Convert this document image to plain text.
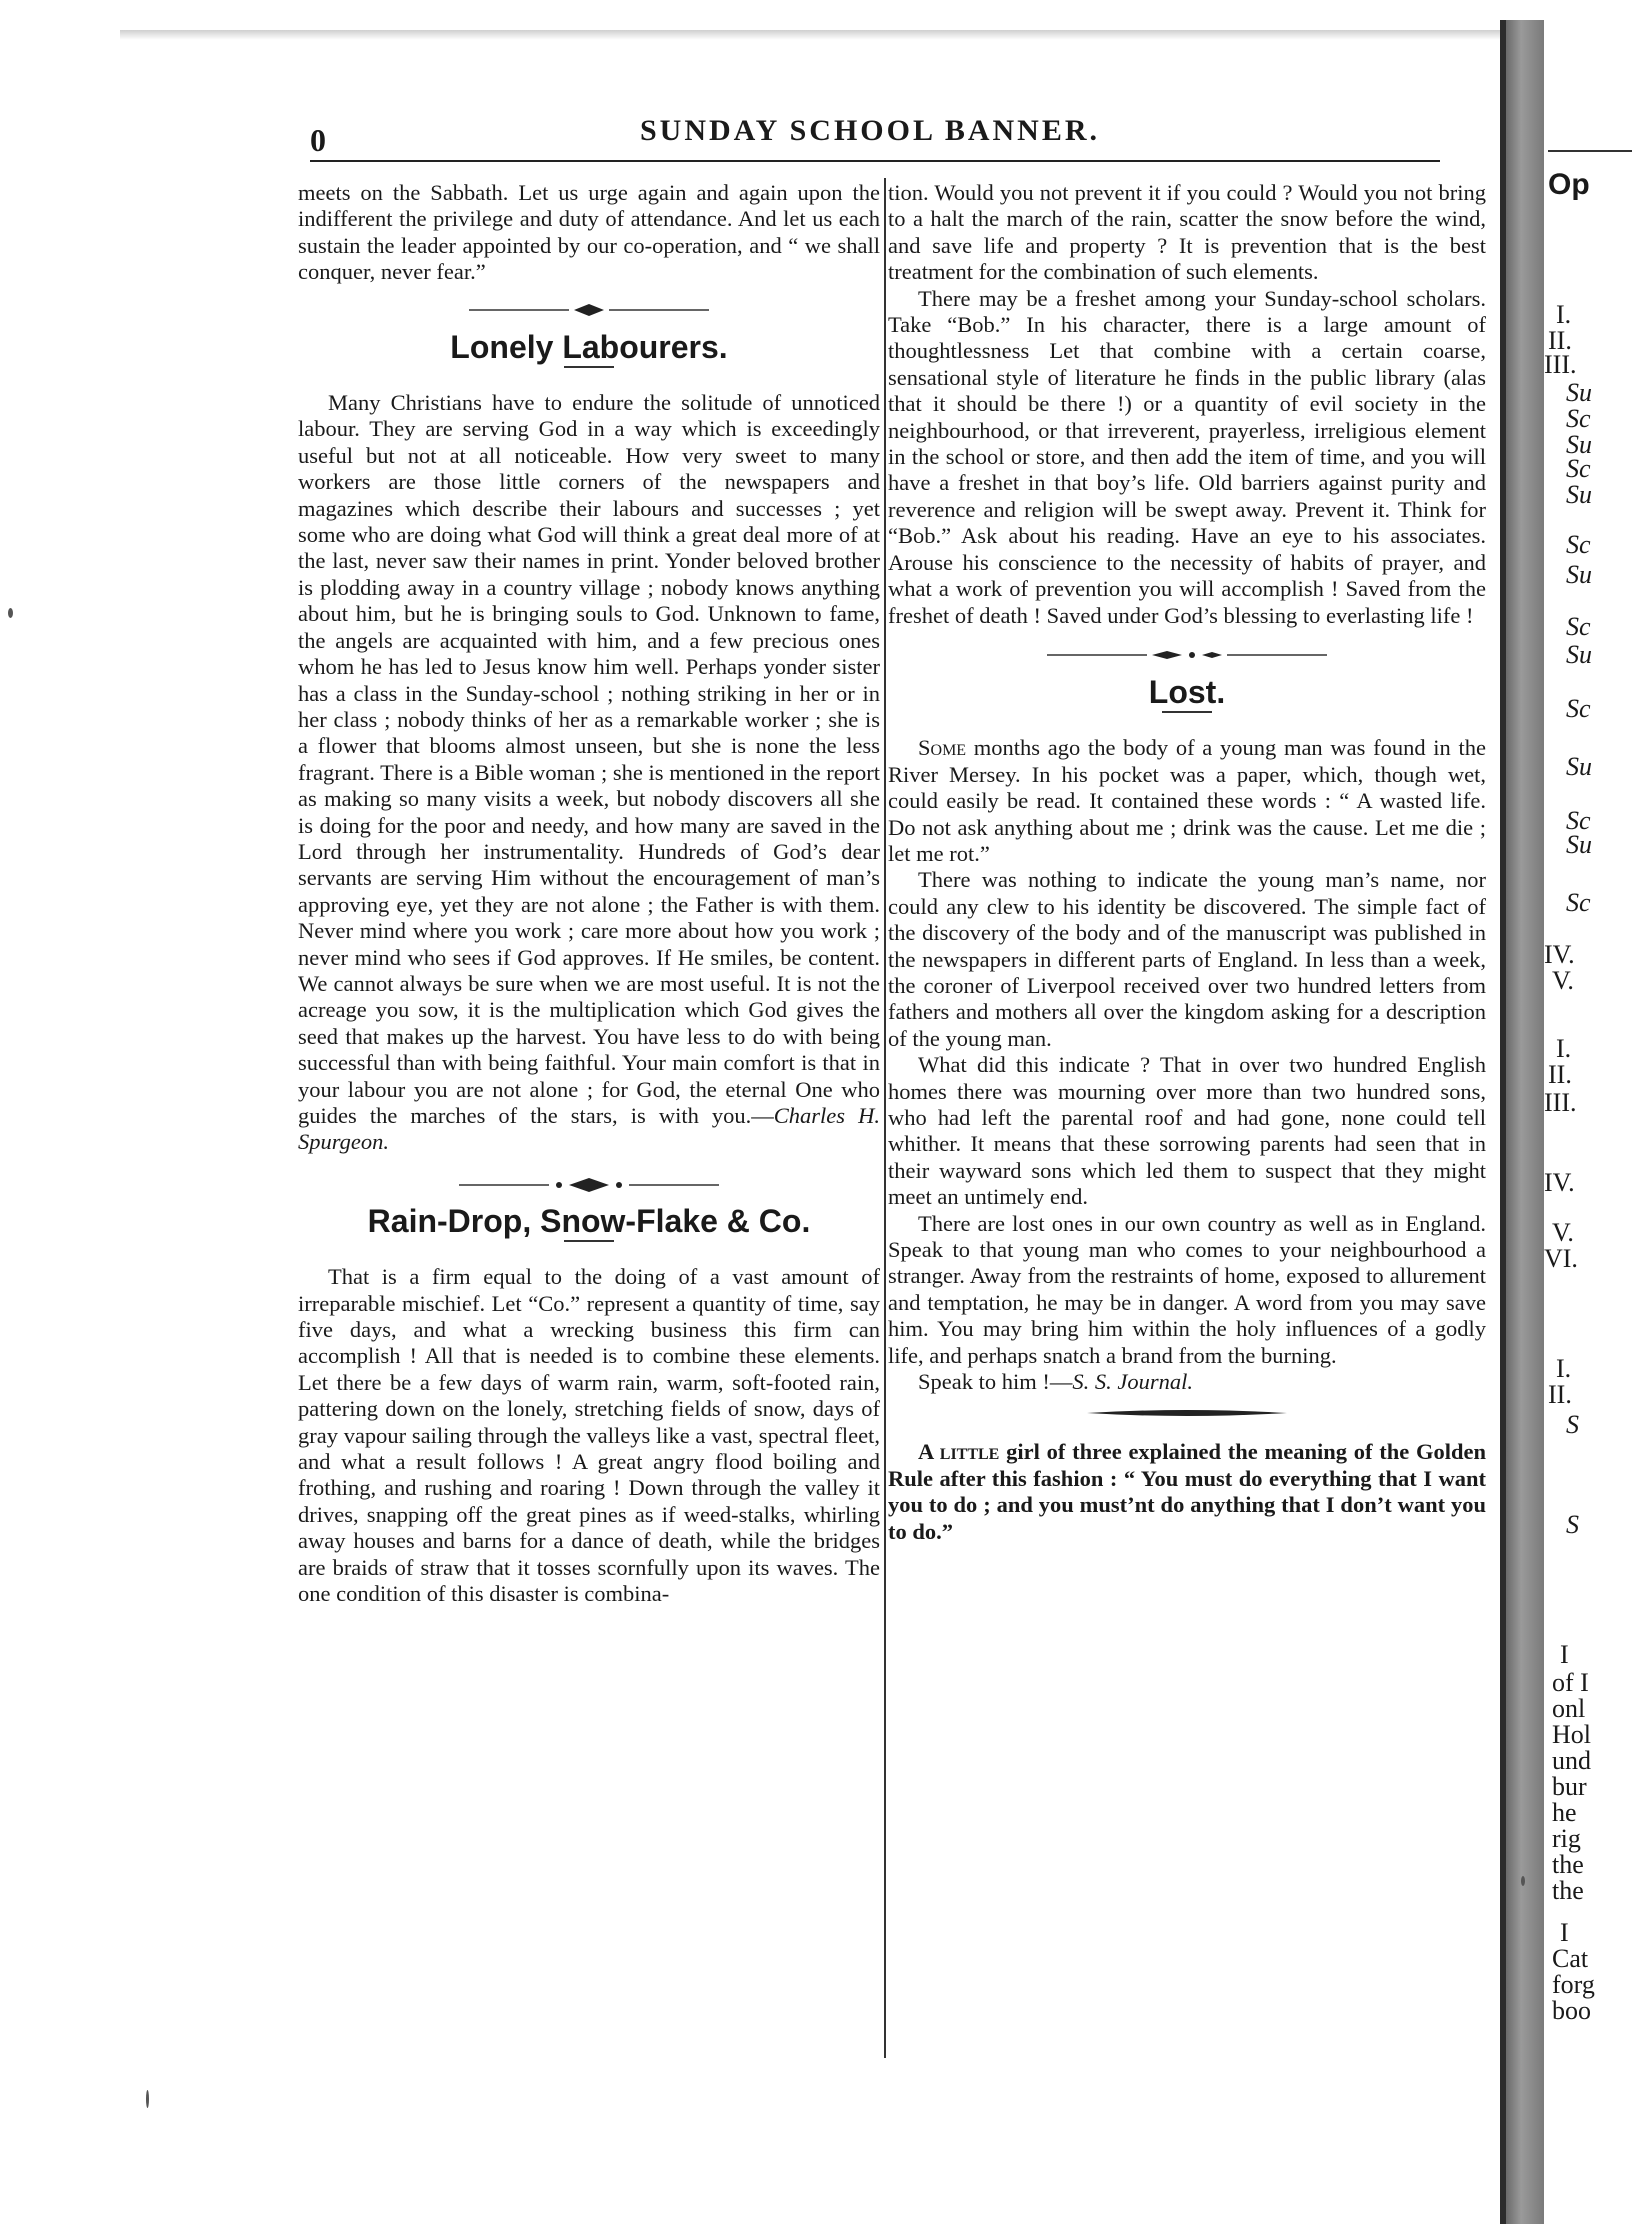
0	SUNDAY SCHOOL BANNER.

meets on the Sabbath. Let us urge again and again upon the indifferent the privilege and duty of attendance. And let us each sustain the leader appointed by our co-operation, and “ we shall conquer, never fear.”

Lonely Labourers.

Many Christians have to endure the solitude of unnoticed labour. They are serving God in a way which is exceedingly useful but not at all noticeable. How very sweet to many workers are those little corners of the newspapers and magazines which describe their labours and successes ; yet some who are doing what God will think a great deal more of at the last, never saw their names in print. Yonder beloved brother is plodding away in a country village ; nobody knows anything about him, but he is bringing souls to God. Unknown to fame, the angels are acquainted with him, and a few precious ones whom he has led to Jesus know him well. Perhaps yonder sister has a class in the Sunday-school ; nothing striking in her or in her class ; nobody thinks of her as a remarkable worker ; she is a flower that blooms almost unseen, but she is none the less fragrant. There is a Bible woman ; she is mentioned in the report as making so many visits a week, but nobody discovers all she is doing for the poor and needy, and how many are saved in the Lord through her instrumentality. Hundreds of God’s dear servants are serving Him without the encouragement of man’s approving eye, yet they are not alone ; the Father is with them. Never mind where you work ; care more about how you work ; never mind who sees if God approves. If He smiles, be content. We cannot always be sure when we are most useful. It is not the acreage you sow, it is the multiplication which God gives the seed that makes up the harvest. You have less to do with being successful than with being faithful. Your main comfort is that in your labour you are not alone ; for God, the eternal One who guides the marches of the stars, is with you.—Charles H. Spurgeon.

Rain-Drop, Snow-Flake & Co.

That is a firm equal to the doing of a vast amount of irreparable mischief. Let “Co.” represent a quantity of time, say five days, and what a wrecking business this firm can accomplish ! All that is needed is to combine these elements. Let there be a few days of warm rain, warm, soft-footed rain, pattering down on the lonely, stretching fields of snow, days of gray vapour sailing through the valleys like a vast, spectral fleet, and what a result follows ! A great angry flood boiling and frothing, and rushing and roaring ! Down through the valley it drives, snapping off the great pines as if weed-stalks, whirling away houses and barns for a dance of death, while the bridges are braids of straw that it tosses scornfully upon its waves. The one condition of this disaster is combina-

tion. Would you not prevent it if you could ? Would you not bring to a halt the march of the rain, scatter the snow before the wind, and save life and property ? It is prevention that is the best treatment for the combination of such elements.

There may be a freshet among your Sunday-school scholars. Take “Bob.” In his character, there is a large amount of thoughtlessness Let that combine with a certain coarse, sensational style of literature he finds in the public library (alas that it should be there !) or a quantity of evil society in the neighbourhood, or that irreverent, prayerless, irreligious element in the school or store, and then add the item of time, and you will have a freshet in that boy’s life. Old barriers against purity and reverence and religion will be swept away. Prevent it. Think for “Bob.” Ask about his reading. Have an eye to his associates. Arouse his conscience to the necessity of habits of prayer, and what a work of prevention you will accomplish ! Saved from the freshet of death ! Saved under God’s blessing to everlasting life !

Lost.

Some months ago the body of a young man was found in the River Mersey. In his pocket was a paper, which, though wet, could easily be read. It contained these words : “ A wasted life. Do not ask anything about me ; drink was the cause. Let me die ; let me rot.”

There was nothing to indicate the young man’s name, nor could any clew to his identity be discovered. The simple fact of the discovery of the body and of the manuscript was published in the newspapers in different parts of England. In less than a week, the coroner of Liverpool received over two hundred letters from fathers and mothers all over the kingdom asking for a description of the young man.

What did this indicate ? That in over two hundred English homes there was mourning over more than two hundred sons, who had left the parental roof and had gone, none could tell whither. It means that these sorrowing parents had seen that in their wayward sons which led them to suspect that they might meet an untimely end.

There are lost ones in our own country as well as in England. Speak to that young man who comes to your neighbourhood a stranger. Away from the restraints of home, exposed to allurement and temptation, he may be in danger. A word from you may save him. You may bring him within the holy influences of a godly life, and perhaps snatch a brand from the burning.

Speak to him !—S. S. Journal.

A little girl of three explained the meaning of the Golden Rule after this fashion : “ You must do everything that I want you to do ; and you must’nt do anything that I don’t want you to do.”

Op
I.
II.
III.
Su
Sc
Su
Sc
Su
Sc
Su
Sc
Su
Sc
Su
Sc
Su
Sc
IV.
V.
I.
II.
III.
IV.
V.
VI.
I.
II.
S
S
I
of I
onl
Hol
und
bur
he
rig
the
the
I
Cat
forg
boo
